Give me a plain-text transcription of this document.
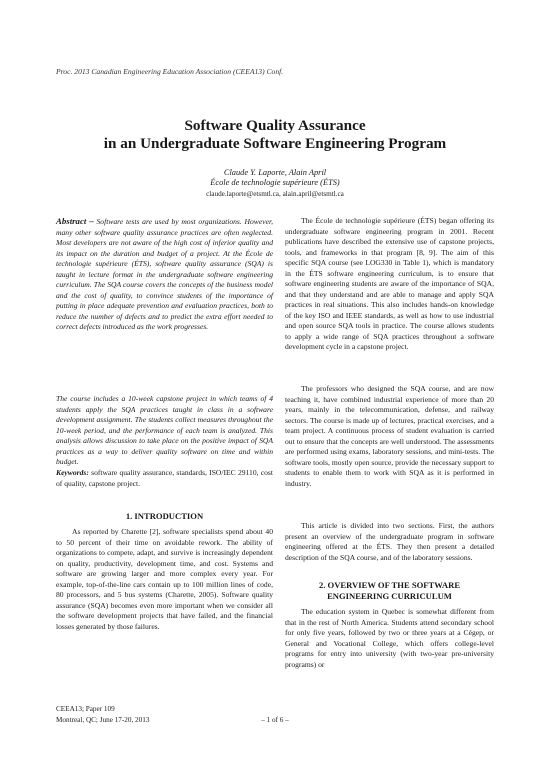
Proc. 2013 Canadian Engineering Education Association (CEEA13) Conf.
Software Quality Assurance
in an Undergraduate Software Engineering Program
Claude Y. Laporte, Alain April
École de technologie supérieure (ÉTS)
claude.laporte@etsmtl.ca, alain.april@etsmtl.ca

Abstract – Software tests are used by most organizations. However, many other software quality assurance practices are often neglected. Most developers are not aware of the high cost of inferior quality and its impact on the duration and budget of a project. At the École de technologie supérieure (ÉTS), software quality assurance (SQA) is taught in lecture format in the undergraduate software engineering curriculum. The SQA course covers the concepts of the business model and the cost of quality, to convince students of the importance of putting in place adequate prevention and evaluation practices, both to reduce the number of defects and to predict the extra effort needed to correct defects introduced as the work progresses.

The course includes a 10-week capstone project in which teams of 4 students apply the SQA practices taught in class in a software development assignment. The students collect measures throughout the 10-week period, and the performance of each team is analyzed. This analysis allows discussion to take place on the positive impact of SQA practices as a way to deliver quality software on time and within budget.

Keywords: software quality assurance, standards, ISO/IEC 29110, cost of quality, capstone project.

1. INTRODUCTION

As reported by Charette [2], software specialists spend about 40 to 50 percent of their time on avoidable rework. The ability of organizations to compete, adapt, and survive is increasingly dependent on quality, productivity, development time, and cost. Systems and software are growing larger and more complex every year. For example, top-of-the-line cars contain up to 100 million lines of code, 80 processors, and 5 bus systems (Charette, 2005). Software quality assurance (SQA) becomes even more important when we consider all the software development projects that have failed, and the financial losses generated by those failures.

The École de technologie supérieure (ÉTS) began offering its undergraduate software engineering program in 2001. Recent publications have described the extensive use of capstone projects, tools, and frameworks in that program [8, 9]. The aim of this specific SQA course (see LOG330 in Table 1), which is mandatory in the ÉTS software engineering curriculum, is to ensure that software engineering students are aware of the importance of SQA, and that they understand and are able to manage and apply SQA practices in real situations. This also includes hands-on knowledge of the key ISO and IEEE standards, as well as how to use industrial and open source SQA tools in practice. The course allows students to apply a wide range of SQA practices throughout a software development cycle in a capstone project.

The professors who designed the SQA course, and are now teaching it, have combined industrial experience of more than 20 years, mainly in the telecommunication, defense, and railway sectors. The course is made up of lectures, practical exercises, and a team project. A continuous process of student evaluation is carried out to ensure that the concepts are well understood. The assessments are performed using exams, laboratory sessions, and mini-tests. The software tools, mostly open source, provide the necessary support to students to enable them to work with SQA as it is performed in industry.

This article is divided into two sections. First, the authors present an overview of the undergraduate program in software engineering offered at the ÉTS. They then present a detailed description of the SQA course, and of the laboratory sessions.

2. OVERVIEW OF THE SOFTWARE
ENGINEERING CURRICULUM

The education system in Quebec is somewhat different from that in the rest of North America. Students attend secondary school for only five years, followed by two or three years at a Cégep, or General and Vocational College, which offers college-level programs for entry into university (with two-year pre-university programs) or

CEEA13; Paper 109
Montreal, QC; June 17-20, 2013	– 1 of 6 –
